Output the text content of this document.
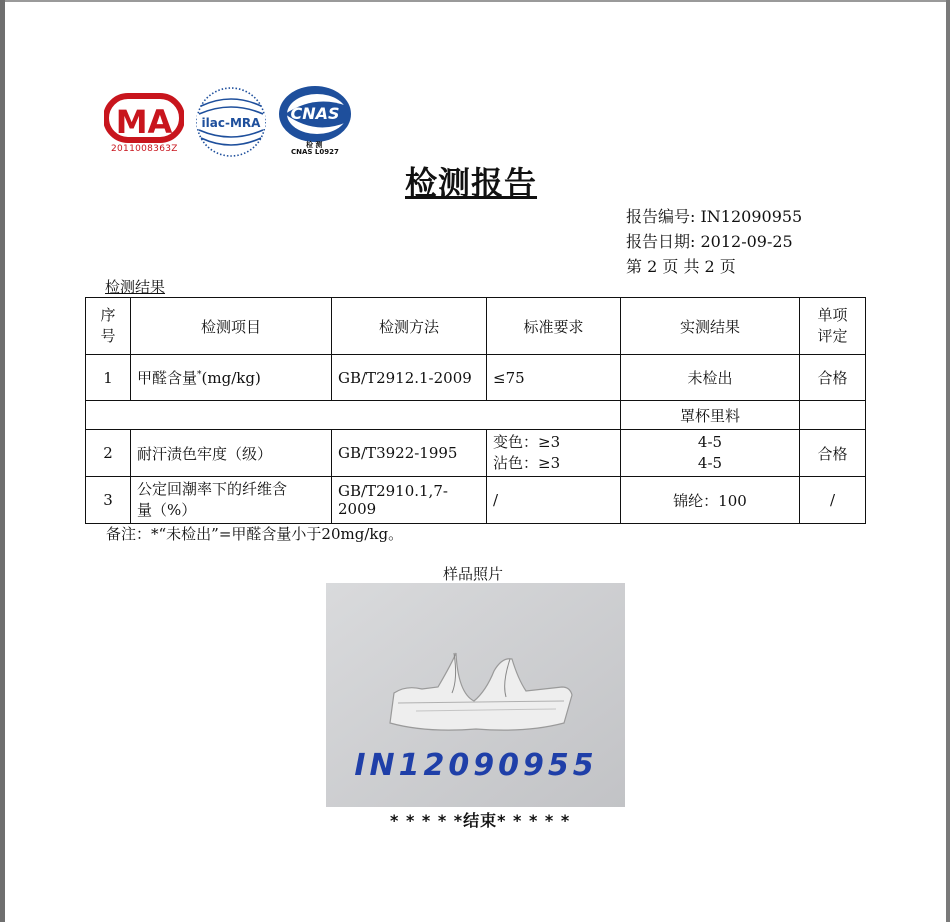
MA
2011008363Z
ilac-MRA CNAS
检 测
CNAS L0927
检测报告
报告编号: IN12090955
报告日期: 2012-09-25
第 2 页 共 2 页
检测结果
序
号	检测项目	检测方法	标准要求	实测结果	单项
评定
1	甲醛含量*(mg/kg)	GB/T2912.1-2009	≤75	未检出	合格
				罩杯里料	
2	耐汗渍色牢度（级）	GB/T3922-1995	变色：≥3
沾色：≥3	4-5
4-5	合格
3	公定回潮率下的纤维含
量（%）	GB/T2910.1,7-2009	/	锦纶：100	/
备注：*“未检出”=甲醛含量小于20mg/kg。
样品照片
IN12090955
* * * * *结束* * * * *
